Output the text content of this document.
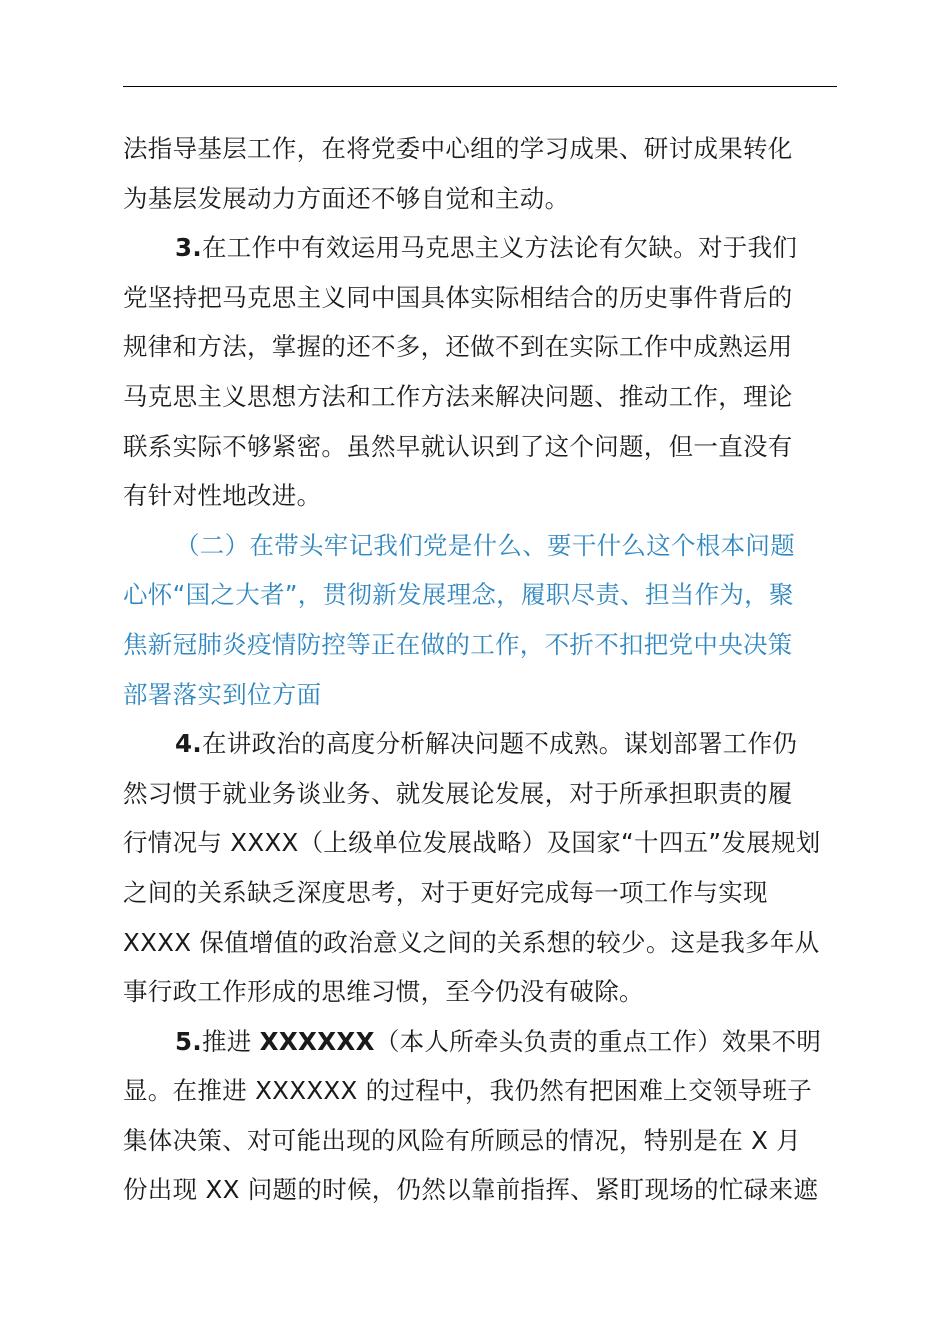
法指导基层工作，在将党委中心组的学习成果、研讨成果转化
为基层发展动力方面还不够自觉和主动。
3.在工作中有效运用马克思主义方法论有欠缺。对于我们
党坚持把马克思主义同中国具体实际相结合的历史事件背后的
规律和方法，掌握的还不多，还做不到在实际工作中成熟运用
马克思主义思想方法和工作方法来解决问题、推动工作，理论
联系实际不够紧密。虽然早就认识到了这个问题，但一直没有
有针对性地改进。
（二）在带头牢记我们党是什么、要干什么这个根本问题
心怀“国之大者”，贯彻新发展理念，履职尽责、担当作为，聚
焦新冠肺炎疫情防控等正在做的工作，不折不扣把党中央决策
部署落实到位方面
4.在讲政治的高度分析解决问题不成熟。谋划部署工作仍
然习惯于就业务谈业务、就发展论发展，对于所承担职责的履
行情况与 XXXX（上级单位发展战略）及国家“十四五”发展规划
之间的关系缺乏深度思考，对于更好完成每一项工作与实现
XXXX 保值增值的政治意义之间的关系想的较少。这是我多年从
事行政工作形成的思维习惯，至今仍没有破除。
5.推进 XXXXXX（本人所牵头负责的重点工作）效果不明
显。在推进 XXXXXX 的过程中，我仍然有把困难上交领导班子
集体决策、对可能出现的风险有所顾忌的情况，特别是在 X 月
份出现 XX 问题的时候，仍然以靠前指挥、紧盯现场的忙碌来遮
